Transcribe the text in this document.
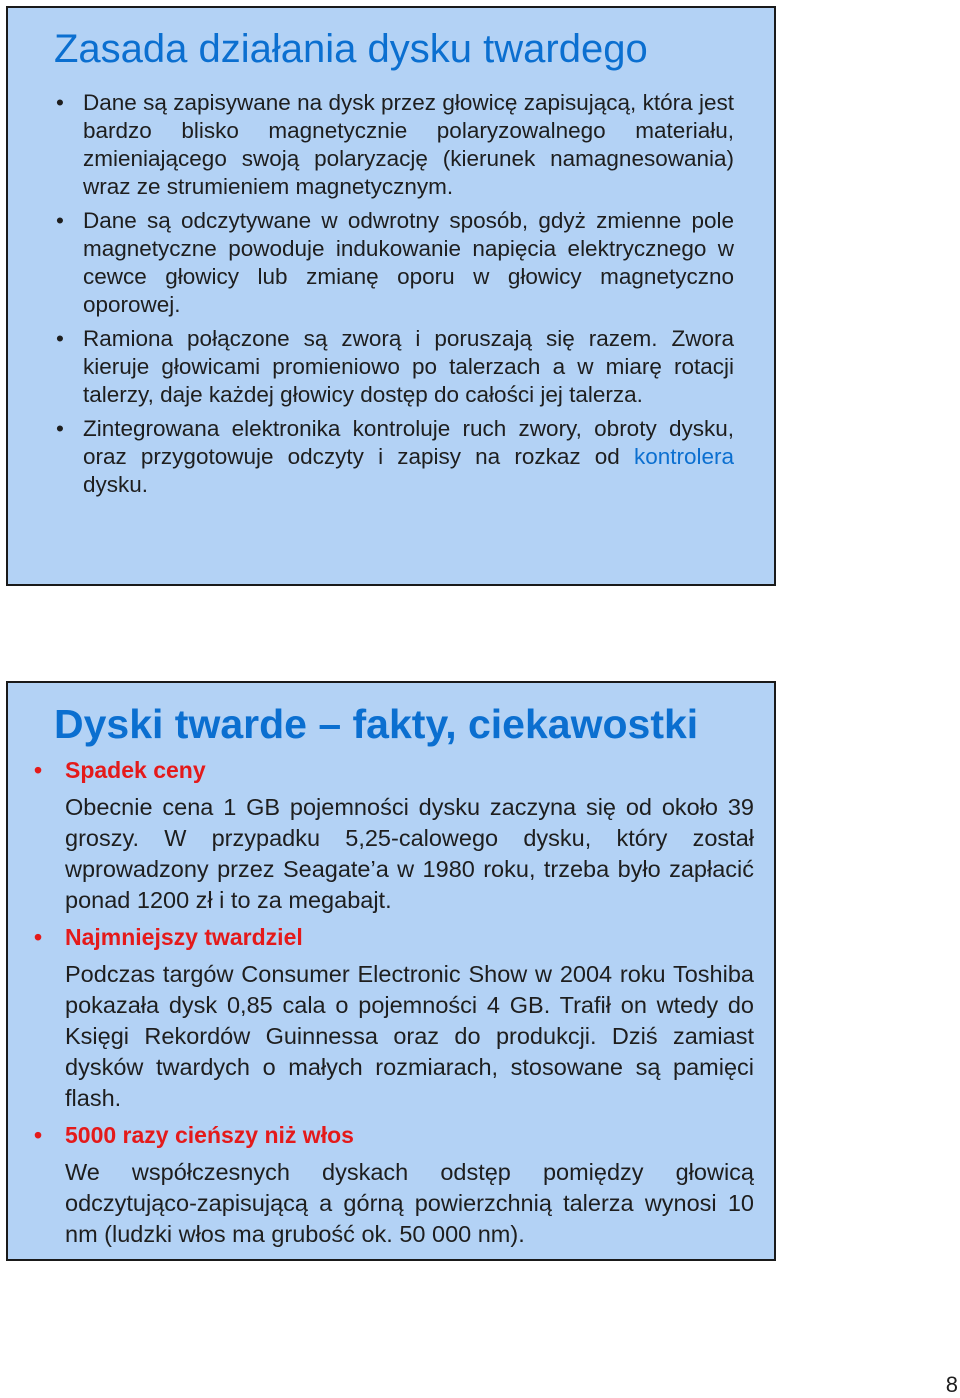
Zasada działania dysku twardego
• Dane są zapisywane na dysk przez głowicę zapisującą, która jest bardzo blisko magnetycznie polaryzowalnego materiału, zmieniającego swoją polaryzację (kierunek namagnesowania) wraz ze strumieniem magnetycznym.
• Dane są odczytywane w odwrotny sposób, gdyż zmienne pole magnetyczne powoduje indukowanie napięcia elektrycznego w cewce głowicy lub zmianę oporu w głowicy magnetyczno oporowej.
• Ramiona połączone są zworą i poruszają się razem. Zwora kieruje głowicami promieniowo po talerzach a w miarę rotacji talerzy, daje każdej głowicy dostęp do całości jej talerza.
• Zintegrowana elektronika kontroluje ruch zwory, obroty dysku, oraz przygotowuje odczyty i zapisy na rozkaz od kontrolera dysku.
Dyski twarde – fakty, ciekawostki
• Spadek ceny

Obecnie cena 1 GB pojemności dysku zaczyna się od około 39 groszy. W przypadku 5,25-calowego dysku, który został wprowadzony przez Seagate’a w 1980 roku, trzeba było zapłacić ponad 1200 zł i to za megabajt.

• Najmniejszy twardziel

Podczas targów Consumer Electronic Show w 2004 roku Toshiba pokazała dysk 0,85 cala o pojemności 4 GB. Trafił on wtedy do Księgi Rekordów Guinnessa oraz do produkcji. Dziś zamiast dysków twardych o małych rozmiarach, stosowane są pamięci flash.

• 5000 razy cieńszy niż włos

We współczesnych dyskach odstęp pomiędzy głowicą odczytująco-zapisującą a górną powierzchnią talerza wynosi 10 nm (ludzki włos ma grubość ok. 50 000 nm).

8
